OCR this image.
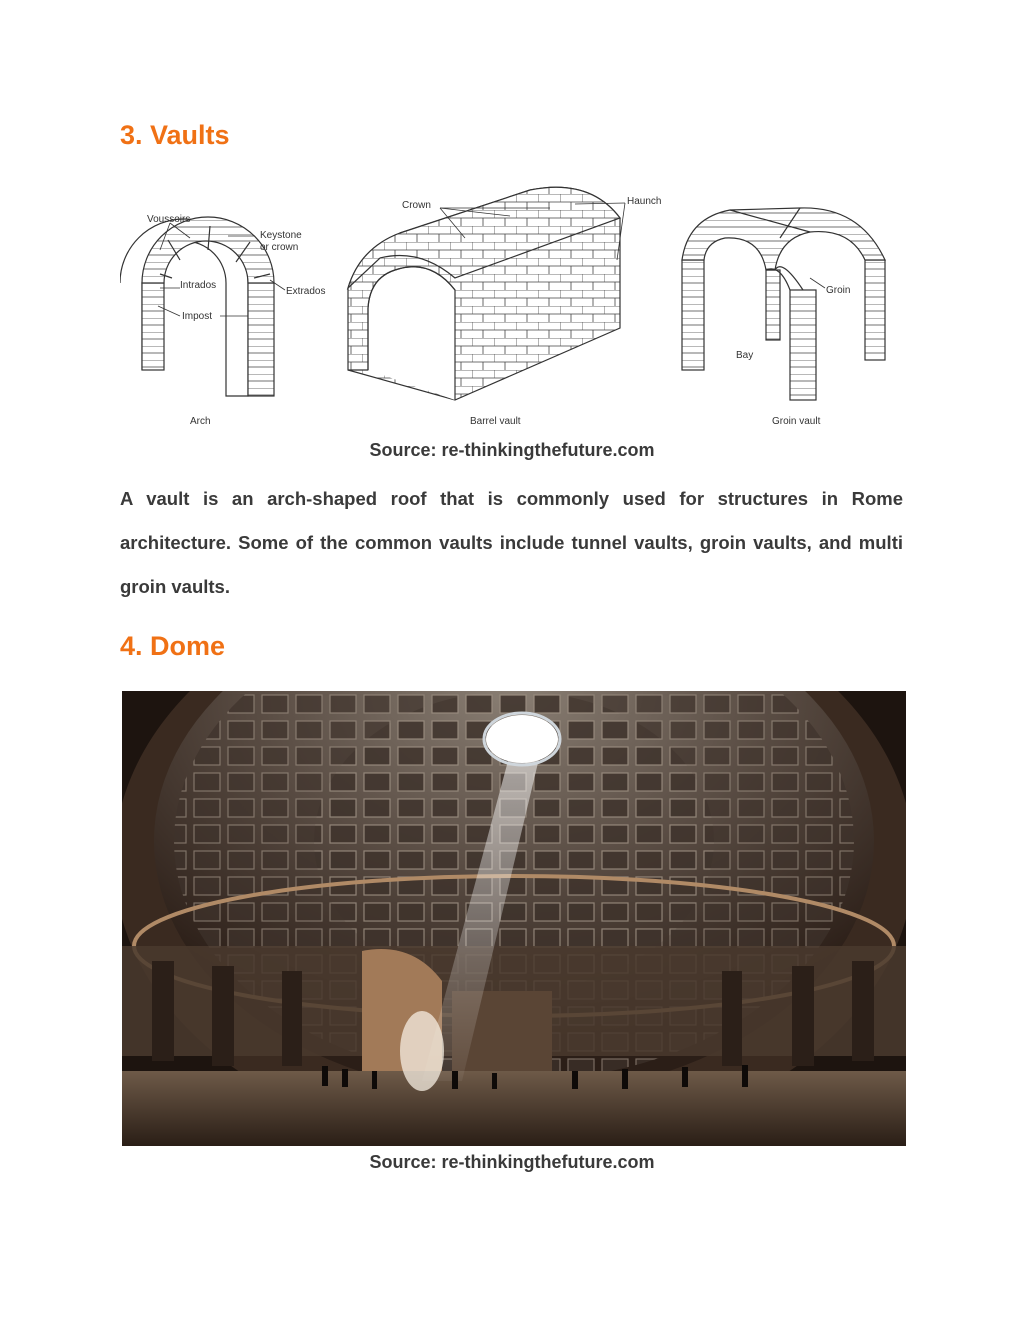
3. Vaults
Voussoirs
Keystone
or crown
Intrados
Extrados
Impost
Arch
Crown	Haunch
Barrel vault
Groin
Bay
Groin vault

Source: re-thinkingthefuture.com

A vault is an arch-shaped roof that is commonly used for structures in Rome architecture. Some of the common vaults include tunnel vaults, groin vaults, and multi groin vaults.

4. Dome

Source: re-thinkingthefuture.com
